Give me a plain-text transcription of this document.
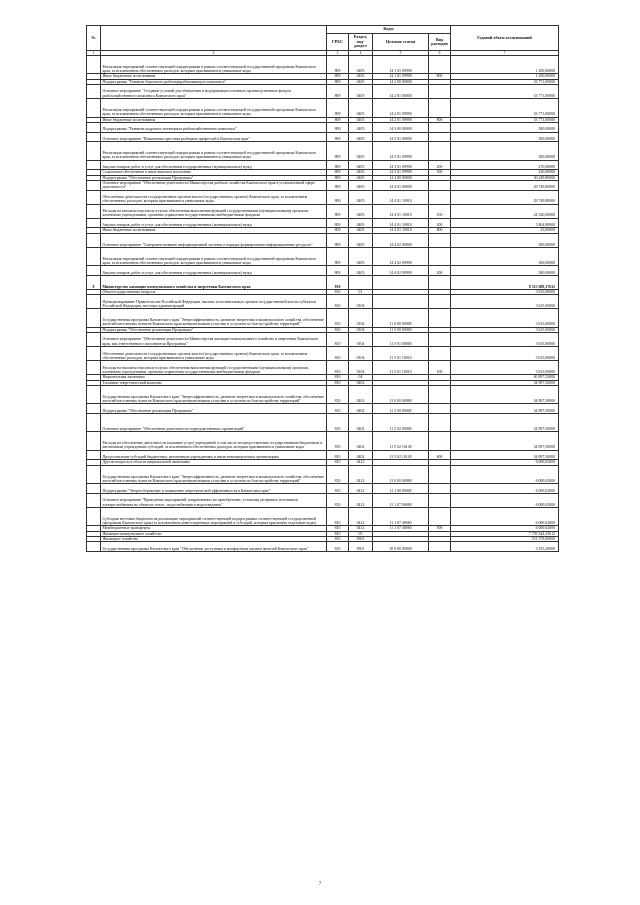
№		Коды				Годовой объем ассигнований
		ГРБС	Раздел, под-раздел	Целевая статья	Вид расходов	
1	2	3	4	5	6	7
	Реализация мероприятий соответствующей подпрограммы в рамках соответствующей государственной программы Камчатского края, за исключением обеспеченных расходов, которым присваиваются уникальные коды	809	0405	14 1 01 09990		1 200,00000
	Иные бюджетные ассигнования	809	0405	14 1 01 09990	800	1 200,00000
	Подпрограмма "Развитие берегового рыбоперерабатывающего комплекса"	809	0405	14 2 00 00000		33 771,00000
	Основное мероприятие "Создание условий для обновления и модернизации основных производственных фондов рыбохозяйственного комплекса Камчатского края"	809	0405	14 2 01 00000		33 771,00000
	Реализация мероприятий соответствующей подпрограммы в рамках соответствующей государственной программы Камчатского края, за исключением обеспеченных расходов, которым присваиваются уникальные коды	809	0405	14 2 01 09990		33 771,00000
	Иные бюджетные ассигнования	809	0405	14 2 01 09990	800	33 771,00000
	Подпрограмма "Развитие кадрового потенциала рыбохозяйственного комплекса"	809	0405	14 3 00 00000		500,00000
	Основное мероприятие "Повышение престижа рыбацких профессий в Камчатском крае"	809	0405	14 3 01 00000		500,00000
	Реализация мероприятий соответствующей подпрограммы в рамках соответствующей государственной программы Камчатского края, за исключением обеспеченных расходов, которым присваиваются уникальные коды	809	0405	14 3 01 09990		500,00000
	Закупка товаров, работ и услуг для обеспечения государственных (муниципальных) нужд	809	0405	14 3 01 09990	200	270,00000
	Социальное обеспечение и иные выплаты населению	809	0405	14 3 01 09990	300	230,00000
	Подпрограмма "Обеспечение реализации Программы"	809	0405	14 4 00 00000		30 249,80000
	Основное мероприятие "Обеспечение деятельности Министерства рыбного хозяйства Камчатского края в установленной сфере деятельности"	809	0405	14 4 01 00000		29 749,80000
	Обеспечение деятельности государственных органов власти (государственных органов) Камчатского края, за исключением обеспеченных расходов, которым присваиваются уникальные коды	809	0405	14 4 01 10010		29 749,80000
	Расходы на выплаты персоналу в целях обеспечения выполнения функций государственными (муниципальными) органами, казенными учреждениями, органами управления государственными внебюджетными фондами	809	0405	14 4 01 10010	100	24 320,00000
	Закупка товаров, работ и услуг для обеспечения государственных (муниципальных) нужд	809	0405	14 4 01 10010	200	5 404,80000
	Иные бюджетные ассигнования	809	0405	14 4 01 10010	800	25,00000
	Основное мероприятие "Совершенствование информационной системы и порядка формирования информационных ресурсов"	809	0405	14 4 02 00000		500,00000
	Реализация мероприятий соответствующей подпрограммы в рамках соответствующей государственной программы Камчатского края, за исключением обеспеченных расходов, которым присваиваются уникальные коды	809	0405	14 4 02 09990		500,00000
	Закупка товаров, работ и услуг для обеспечения государственных (муниципальных) нужд	809	0405	14 4 02 09990	200	500,00000
8	Министерство жилищно-коммунального хозяйства и энергетики Камчатского края	810				8 315 688,17632
	Общегосударственные вопросы	810	01			3 615,00000
	Функционирование Правительства Российской Федерации, высших исполнительных органов государственной власти субъектов Российской Федерации, местных администраций	810	0104			3 615,00000
	Государственная программа Камчатского края "Энергоэффективность, развитие энергетики и коммунального хозяйства, обеспечение жителей населенных пунктов Камчатского края коммунальными услугами и услугами по благоустройству территорий"	810	0104	11 0 00 00000		3 615,00000
	Подпрограмма "Обеспечение реализации Программы"	810	0104	11 5 00 00000		3 615,00000
	Основное мероприятие "Обеспечение деятельности Министерства жилищно-коммунального хозяйства и энергетики Камчатского края, как ответственного исполнителя Программы"	810	0104	11 5 01 00000		3 615,00000
	Обеспечение деятельности государственных органов власти (государственных органов) Камчатского края, за исключением обеспеченных расходов, которым присваиваются уникальные коды	810	0104	11 5 01 10010		3 615,00000
	Расходы на выплаты персоналу в целях обеспечения выполнения функций государственными (муниципальными) органами, казенными учреждениями, органами управления государственными внебюджетными фондами	810	0104	11 5 01 10010	100	3 615,00000
	Национальная экономика	810	04			40 897,52000
	Топливно-энергетический комплекс	810	0402			34 897,50000
	Государственная программа Камчатского края "Энергоэффективность, развитие энергетики и коммунального хозяйства, обеспечение жителей населенных пунктов Камчатского края коммунальными услугами и услугами по благоустройству территорий"	810	0402	11 0 00 00000		34 897,50000
	Подпрограмма "Обеспечение реализации Программы"	810	0402	11 5 00 00000		34 897,50000
	Основное мероприятие "Обеспечение деятельности подведомственных организаций"	810	0402	11 5 02 00000		34 897,50000
	Расходы на обеспечение деятельности (оказание услуг) учреждений, в том числе на предоставление государственным бюджетным и автономным учреждениям субсидий, за исключением обеспеченных расходов, которым присваиваются уникальные коды	810	0402	11 5 02 10140		34 897,50000
	Предоставление субсидий бюджетным, автономным учреждениям и иным некоммерческим организациям	810	0402	11 5 02 10140	600	34 897,50000
	Другие вопросы в области национальной экономики	810	0412			6 000,02000
	Государственная программа Камчатского края "Энергоэффективность, развитие энергетики и коммунального хозяйства, обеспечение жителей населенных пунктов Камчатского края коммунальными услугами и услугами по благоустройству территорий"	810	0412	11 0 00 00000		6 000,02000
	Подпрограмма "Энергосбережение и повышение энергетической эффективности в Камчатском крае"	810	0412	11 1 00 00000		6 000,02000
	Основное мероприятие "Проведение мероприятий, направленных на приобретение, установку резервных источников электроснабжения на объектах тепло-, водоснабжения и водоотведения"	810	0412	11 1 07 00000		6 000,02000
	Субсидии местным бюджетам на реализацию мероприятий соответствующей подпрограммы соответствующей государственной программы Камчатского края (за исключением инвестиционных мероприятий и субсидий, которым присвоены отдельные коды)	810	0412	11 1 07 40060		6 000,02000
	Межбюджетные трансферты	810	0412	11 1 07 40060	500	6 000,02000
	Жилищно-коммунальное хозяйство	810	05			7 759 544,35612
	Жилищное хозяйство	810	0501			551 578,00000
	Государственная программа Камчатского края "Обеспечение доступным и комфортным жильем жителей Камчатского края"	810	0501	10 0 00 00000		3 255,20000
7
